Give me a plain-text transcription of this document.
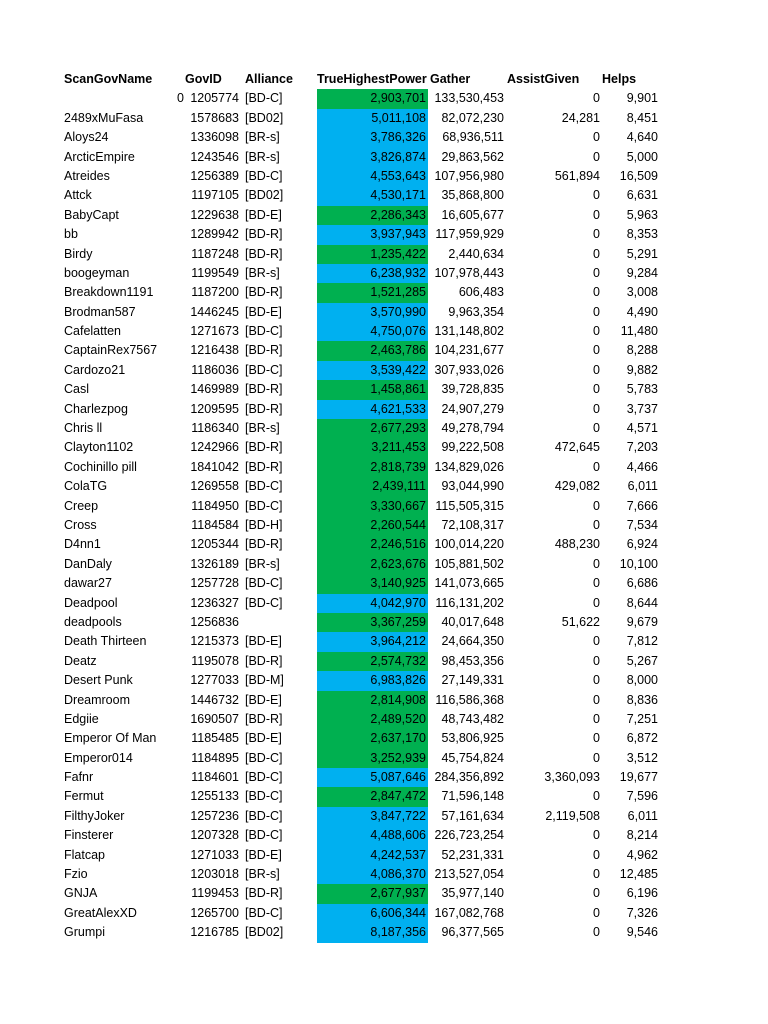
ScanGovName	GovID	Alliance	TrueHighestPower Gather	AssistGiven	Helps
0 1205774 [BD-C]	2,903,701 133,530,453	0	9,901
2489xMuFasa	1578683 [BD02]	5,011,108	82,072,230	24,281	8,451
Aloys24	1336098 [BR-s]	3,786,326	68,936,511	0	4,640
ArcticEmpire	1243546 [BR-s]	3,826,874	29,863,562	0	5,000
Atreides	1256389 [BD-C]	4,553,643 107,956,980	561,894	16,509
Attck	1197105 [BD02]	4,530,171	35,868,800	0	6,631
BabyCapt	1229638 [BD-E]	2,286,343	16,605,677	0	5,963
bb	1289942 [BD-R]	3,937,943 117,959,929	0	8,353
Birdy	1187248 [BD-R]	1,235,422	2,440,634	0	5,291
boogeyman	1199549 [BR-s]	6,238,932 107,978,443	0	9,284
Breakdown1191	1187200 [BD-R]	1,521,285	606,483	0	3,008
Brodman587	1446245 [BD-E]	3,570,990	9,963,354	0	4,490
Cafelatten	1271673 [BD-C]	4,750,076 131,148,802	0	11,480
CaptainRex7567	1216438 [BD-R]	2,463,786 104,231,677	0	8,288
Cardozo21	1186036 [BD-C]	3,539,422 307,933,026	0	9,882
Casl	1469989 [BD-R]	1,458,861	39,728,835	0	5,783
Charlezpog	1209595 [BD-R]	4,621,533	24,907,279	0	3,737
Chris ll	1186340 [BR-s]	2,677,293	49,278,794	0	4,571
Clayton1102	1242966 [BD-R]	3,211,453	99,222,508	472,645	7,203
Cochinillo pill	1841042 [BD-R]	2,818,739 134,829,026	0	4,466
ColaTG	1269558 [BD-C]	2,439,111	93,044,990	429,082	6,011
Creep	1184950 [BD-C]	3,330,667 115,505,315	0	7,666
Cross	1184584 [BD-H]	2,260,544	72,108,317	0	7,534
D4nn1	1205344 [BD-R]	2,246,516 100,014,220	488,230	6,924
DanDaly	1326189 [BR-s]	2,623,676 105,881,502	0	10,100
dawar27	1257728 [BD-C]	3,140,925 141,073,665	0	6,686
Deadpool	1236327 [BD-C]	4,042,970 116,131,202	0	8,644
deadpools	1256836	3,367,259	40,017,648	51,622	9,679
Death Thirteen	1215373 [BD-E]	3,964,212	24,664,350	0	7,812
Deatz	1195078 [BD-R]	2,574,732	98,453,356	0	5,267
Desert Punk	1277033 [BD-M]	6,983,826	27,149,331	0	8,000
Dreamroom	1446732 [BD-E]	2,814,908 116,586,368	0	8,836
Edgiie	1690507 [BD-R]	2,489,520	48,743,482	0	7,251
Emperor Of Man	1185485 [BD-E]	2,637,170	53,806,925	0	6,872
Emperor014	1184895 [BD-C]	3,252,939	45,754,824	0	3,512
Fafnr	1184601 [BD-C]	5,087,646 284,356,892	3,360,093	19,677
Fermut	1255133 [BD-C]	2,847,472	71,596,148	0	7,596
FilthyJoker	1257236 [BD-C]	3,847,722	57,161,634	2,119,508	6,011
Finsterer	1207328 [BD-C]	4,488,606 226,723,254	0	8,214
Flatcap	1271033 [BD-E]	4,242,537	52,231,331	0	4,962
Fzio	1203018 [BR-s]	4,086,370 213,527,054	0	12,485
GNJA	1199453 [BD-R]	2,677,937	35,977,140	0	6,196
GreatAlexXD	1265700 [BD-C]	6,606,344 167,082,768	0	7,326
Grumpi	1216785 [BD02]	8,187,356	96,377,565	0	9,546
